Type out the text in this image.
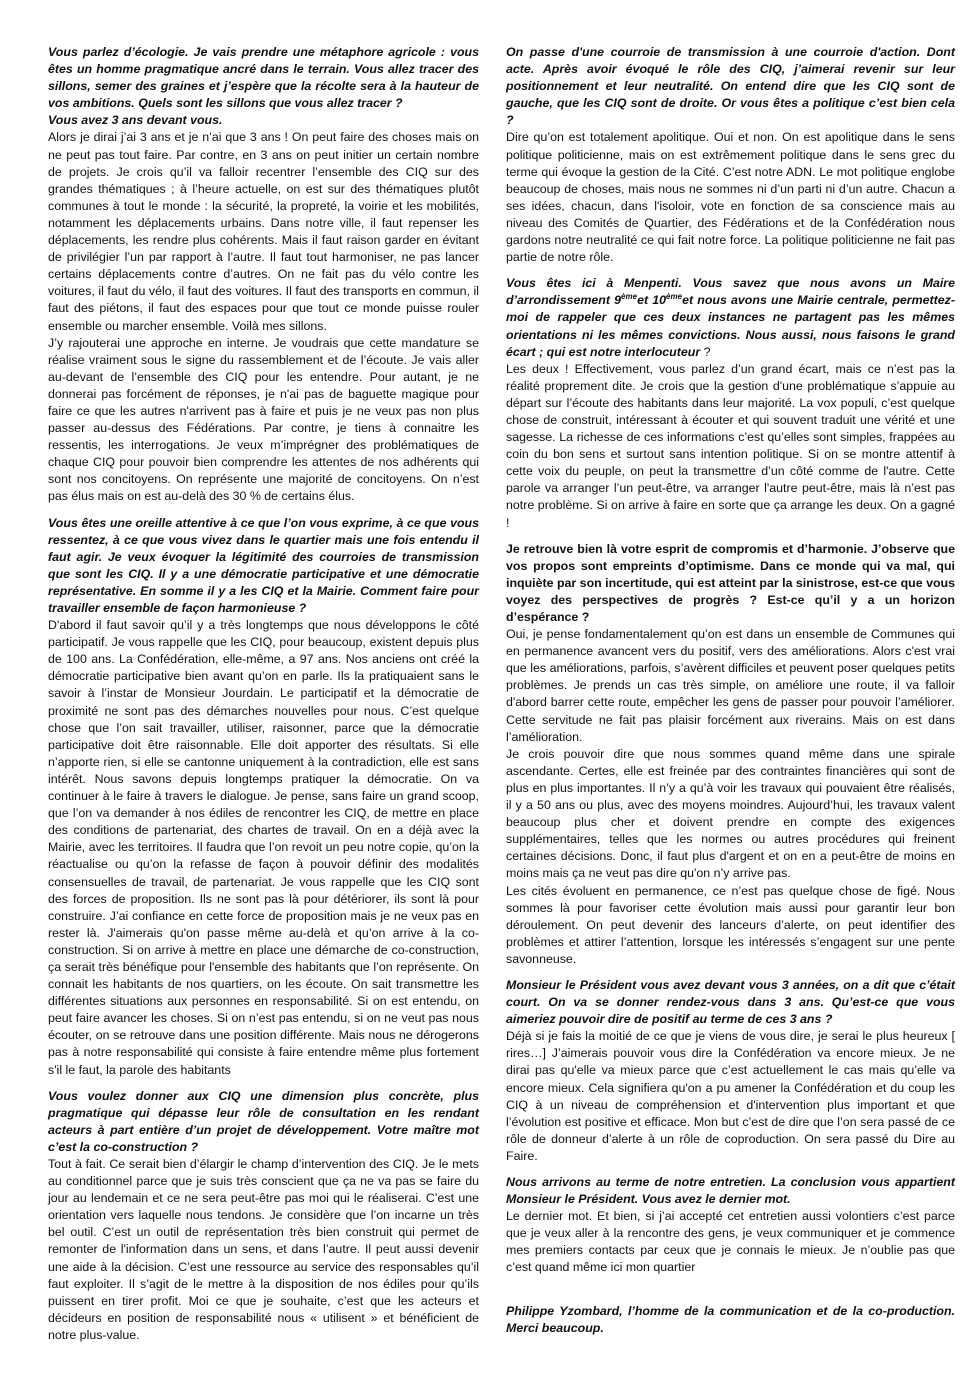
Vous parlez d’écologie. Je vais prendre une métaphore agricole : vous êtes un homme pragmatique ancré dans le terrain. Vous allez tracer des sillons, semer des graines et j’espère que la récolte sera à la hauteur de vos ambitions. Quels sont les sillons que vous allez tracer ?

Vous avez 3 ans devant vous.

Alors je dirai j’ai 3 ans et je n’ai que 3 ans ! On peut faire des choses mais on ne peut pas tout faire. Par contre, en 3 ans on peut initier un certain nombre de projets. Je crois qu’il va falloir recentrer l’ensemble des CIQ sur des grandes thématiques ; à l’heure actuelle, on est sur des thématiques plutôt communes à tout le monde : la sécurité, la propreté, la voirie et les mobilités, notamment les déplacements urbains. Dans notre ville, il faut repenser les déplacements, les rendre plus cohérents. Mais il faut raison garder en évitant de privilégier l’un par rapport à l’autre. Il faut tout harmoniser, ne pas lancer certains déplacements contre d’autres. On ne fait pas du vélo contre les voitures, il faut du vélo, il faut des voitures. Il faut des transports en commun, il faut des piétons, il faut des espaces pour que tout ce monde puisse rouler ensemble ou marcher ensemble. Voilà mes sillons.

J’y rajouterai une approche en interne. Je voudrais que cette mandature se réalise vraiment sous le signe du rassemblement et de l’écoute. Je vais aller au-devant de l’ensemble des CIQ pour les entendre. Pour autant, je ne donnerai pas forcément de réponses, je n'ai pas de baguette magique pour faire ce que les autres n'arrivent pas à faire et puis je ne veux pas non plus passer au-dessus des Fédérations. Par contre, je tiens à connaitre les ressentis, les interrogations. Je veux m’imprégner des problématiques de chaque CIQ pour pouvoir bien comprendre les attentes de nos adhérents qui sont nos concitoyens. On représente une majorité de concitoyens. On n’est pas élus mais on est au-delà des 30 % de certains élus.

Vous êtes une oreille attentive à ce que l’on vous exprime, à ce que vous ressentez, à ce que vous vivez dans le quartier mais une fois entendu il faut agir. Je veux évoquer la légitimité des courroies de transmission que sont les CIQ. Il y a une démocratie participative et une démocratie représentative. En somme il y a les CIQ et la Mairie. Comment faire pour travailler ensemble de façon harmonieuse ?

D'abord il faut savoir qu’il y a très longtemps que nous développons le côté participatif. Je vous rappelle que les CIQ, pour beaucoup, existent depuis plus de 100 ans. La Confédération, elle-même, a 97 ans. Nos anciens ont créé la démocratie participative bien avant qu’on en parle. Ils la pratiquaient sans le savoir à l’instar de Monsieur Jourdain. Le participatif et la démocratie de proximité ne sont pas des démarches nouvelles pour nous. C’est quelque chose que l’on sait travailler, utiliser, raisonner, parce que la démocratie participative doit être raisonnable. Elle doit apporter des résultats. Si elle n’apporte rien, si elle se cantonne uniquement à la contradiction, elle est sans intérêt. Nous savons depuis longtemps pratiquer la démocratie. On va continuer à le faire à travers le dialogue. Je pense, sans faire un grand scoop, que l’on va demander à nos édiles de rencontrer les CIQ, de mettre en place des conditions de partenariat, des chartes de travail. On en a déjà avec la Mairie, avec les territoires. Il faudra que l’on revoit un peu notre copie, qu’on la réactualise ou qu’on la refasse de façon à pouvoir définir des modalités consensuelles de travail, de partenariat. Je vous rappelle que les CIQ sont des forces de proposition. Ils ne sont pas là pour détériorer, ils sont là pour construire. J’ai confiance en cette force de proposition mais je ne veux pas en rester là. J'aimerais qu'on passe même au-delà et qu’on arrive à la co-construction. Si on arrive à mettre en place une démarche de co-construction, ça serait très bénéfique pour l'ensemble des habitants que l’on représente. On connait les habitants de nos quartiers, on les écoute. On sait transmettre les différentes situations aux personnes en responsabilité. Si on est entendu, on peut faire avancer les choses. Si on n’est pas entendu, si on ne veut pas nous écouter, on se retrouve dans une position différente. Mais nous ne dérogerons pas à notre responsabilité qui consiste à faire entendre même plus fortement s'il le faut, la parole des habitants

Vous voulez donner aux CIQ une dimension plus concrète, plus pragmatique qui dépasse leur rôle de consultation en les rendant acteurs à part entière d’un projet de développement. Votre maître mot c’est la co-construction ?

Tout à fait. Ce serait bien d’élargir le champ d’intervention des CIQ. Je le mets au conditionnel parce que je suis très conscient que ça ne va pas se faire du jour au lendemain et ce ne sera peut-être pas moi qui le réaliserai. C’est une orientation vers laquelle nous tendons. Je considère que l’on incarne un très bel outil. C’est un outil de représentation très bien construit qui permet de remonter de l'information dans un sens, et dans l’autre. Il peut aussi devenir une aide à la décision. C’est une ressource au service des responsables qu’il faut exploiter. Il s’agit de le mettre à la disposition de nos édiles pour qu’ils puissent en tirer profit. Moi ce que je souhaite, c’est que les acteurs et décideurs en position de responsabilité nous « utilisent » et bénéficient de notre plus-value.

On passe d'une courroie de transmission à une courroie d'action. Dont acte. Après avoir évoqué le rôle des CIQ, j’aimerai revenir sur leur positionnement et leur neutralité. On entend dire que les CIQ sont de gauche, que les CIQ sont de droite. Or vous êtes a politique c’est bien cela ?

Dire qu’on est totalement apolitique. Oui et non. On est apolitique dans le sens politique politicienne, mais on est extrêmement politique dans le sens grec du terme qui évoque la gestion de la Cité. C’est notre ADN. Le mot politique englobe beaucoup de choses, mais nous ne sommes ni d’un parti ni d’un autre. Chacun a ses idées, chacun, dans l'isoloir, vote en fonction de sa conscience mais au niveau des Comités de Quartier, des Fédérations et de la Confédération nous gardons notre neutralité ce qui fait notre force. La politique politicienne ne fait pas partie de notre rôle.

Vous êtes ici à Menpenti. Vous savez que nous avons un Maire d’arrondissement 9èmeet 10èmeet nous avons une Mairie centrale, permettez-moi de rappeler que ces deux instances ne partagent pas les mêmes orientations ni les mêmes convictions. Nous aussi, nous faisons le grand écart ; qui est notre interlocuteur ?

Les deux ! Effectivement, vous parlez d’un grand écart, mais ce n’est pas la réalité proprement dite. Je crois que la gestion d'une problématique s’appuie au départ sur l’écoute des habitants dans leur majorité. La vox populi, c’est quelque chose de construit, intéressant à écouter et qui souvent traduit une vérité et une sagesse. La richesse de ces informations c’est qu’elles sont simples, frappées au coin du bon sens et surtout sans intention politique. Si on se montre attentif à cette voix du peuple, on peut la transmettre d’un côté comme de l'autre. Cette parole va arranger l’un peut-être, va arranger l'autre peut-être, mais là n’est pas notre problème. Si on arrive à faire en sorte que ça arrange les deux. On a gagné !

Je retrouve bien là votre esprit de compromis et d’harmonie. J’observe que vos propos sont empreints d’optimisme. Dans ce monde qui va mal, qui inquiète par son incertitude, qui est atteint par la sinistrose, est-ce que vous voyez des perspectives de progrès ? Est-ce qu’il y a un horizon d’espérance ?

Oui, je pense fondamentalement qu’on est dans un ensemble de Communes qui en permanence avancent vers du positif, vers des améliorations. Alors c'est vrai que les améliorations, parfois, s’avèrent difficiles et peuvent poser quelques petits problèmes. Je prends un cas très simple, on améliore une route, il va falloir d'abord barrer cette route, empêcher les gens de passer pour pouvoir l’améliorer. Cette servitude ne fait pas plaisir forcément aux riverains. Mais on est dans l’amélioration.

Je crois pouvoir dire que nous sommes quand même dans une spirale ascendante. Certes, elle est freinée par des contraintes financières qui sont de plus en plus importantes. Il n’y a qu’à voir les travaux qui pouvaient être réalisés, il y a 50 ans ou plus, avec des moyens moindres. Aujourd’hui, les travaux valent beaucoup plus cher et doivent prendre en compte des exigences supplémentaires, telles que les normes ou autres procédures qui freinent certaines décisions. Donc, il faut plus d'argent et on en a peut-être de moins en moins mais ça ne veut pas dire qu'on n’y arrive pas.

Les cités évoluent en permanence, ce n’est pas quelque chose de figé. Nous sommes là pour favoriser cette évolution mais aussi pour garantir leur bon déroulement. On peut devenir des lanceurs d’alerte, on peut identifier des problèmes et attirer l’attention, lorsque les intéressés s’engagent sur une pente savonneuse.

Monsieur le Président vous avez devant vous 3 années, on a dit que c’était court. On va se donner rendez-vous dans 3 ans. Qu’est-ce que vous aimeriez pouvoir dire de positif au terme de ces 3 ans ?

Déjà si je fais la moitié de ce que je viens de vous dire, je serai le plus heureux [ rires…] J’aimerais pouvoir vous dire la Confédération va encore mieux. Je ne dirai pas qu'elle va mieux parce que c’est actuellement le cas mais qu’elle va encore mieux. Cela signifiera qu'on a pu amener la Confédération et du coup les CIQ à un niveau de compréhension et d'intervention plus important et que l’évolution est positive et efficace. Mon but c’est de dire que l’on sera passé de ce rôle de donneur d’alerte à un rôle de coproduction. On sera passé du Dire au Faire.

Nous arrivons au terme de notre entretien. La conclusion vous appartient Monsieur le Président. Vous avez le dernier mot.

Le dernier mot. Et bien, si j’ai accepté cet entretien aussi volontiers c’est parce que je veux aller à la rencontre des gens, je veux communiquer et je commence mes premiers contacts par ceux que je connais le mieux. Je n’oublie pas que c’est quand même ici mon quartier

Philippe Yzombard, l’homme de la communication et de la co-production. Merci beaucoup.
